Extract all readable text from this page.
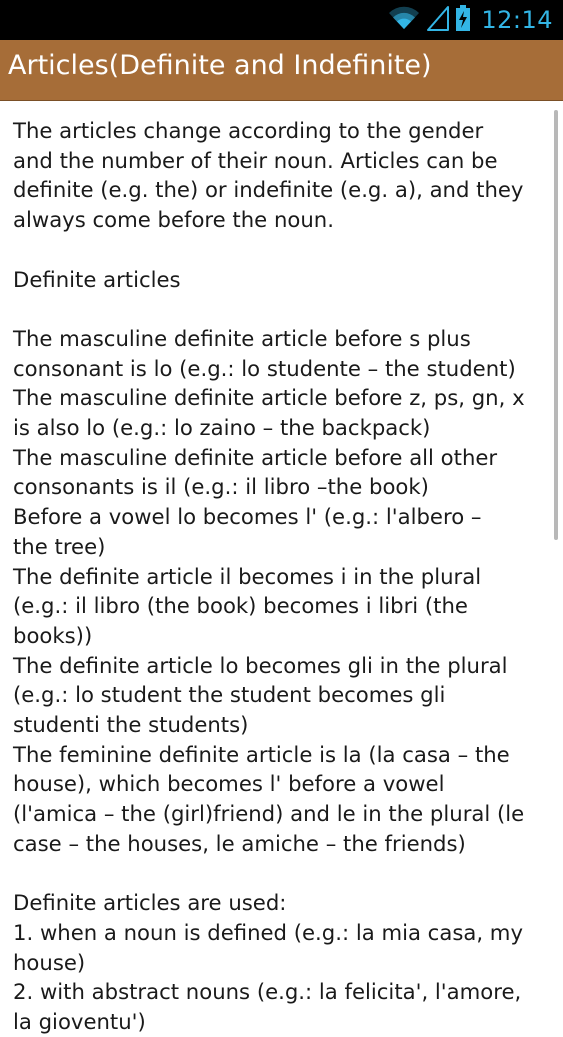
12:14
Articles(Definite and Indefinite)

The articles change according to the gender

and the number of their noun. Articles can be

definite (e.g. the) or indefinite (e.g. a), and they

always come before the noun.

Definite articles

The masculine definite article before s plus

consonant is lo (e.g.: lo studente – the student)

The masculine definite article before z, ps, gn, x

is also lo (e.g.: lo zaino – the backpack)

The masculine definite article before all other

consonants is il (e.g.: il libro –the book)

Before a vowel lo becomes l' (e.g.: l'albero –

the tree)

The definite article il becomes i in the plural

(e.g.: il libro (the book) becomes i libri (the

books))

The definite article lo becomes gli in the plural

(e.g.: lo student the student becomes gli

studenti the students)

The feminine definite article is la (la casa – the

house), which becomes l' before a vowel

(l'amica – the (girl)friend) and le in the plural (le

case – the houses, le amiche – the friends)

Definite articles are used:

1. when a noun is defined (e.g.: la mia casa, my

house)

2. with abstract nouns (e.g.: la felicita', l'amore,

la gioventu')
